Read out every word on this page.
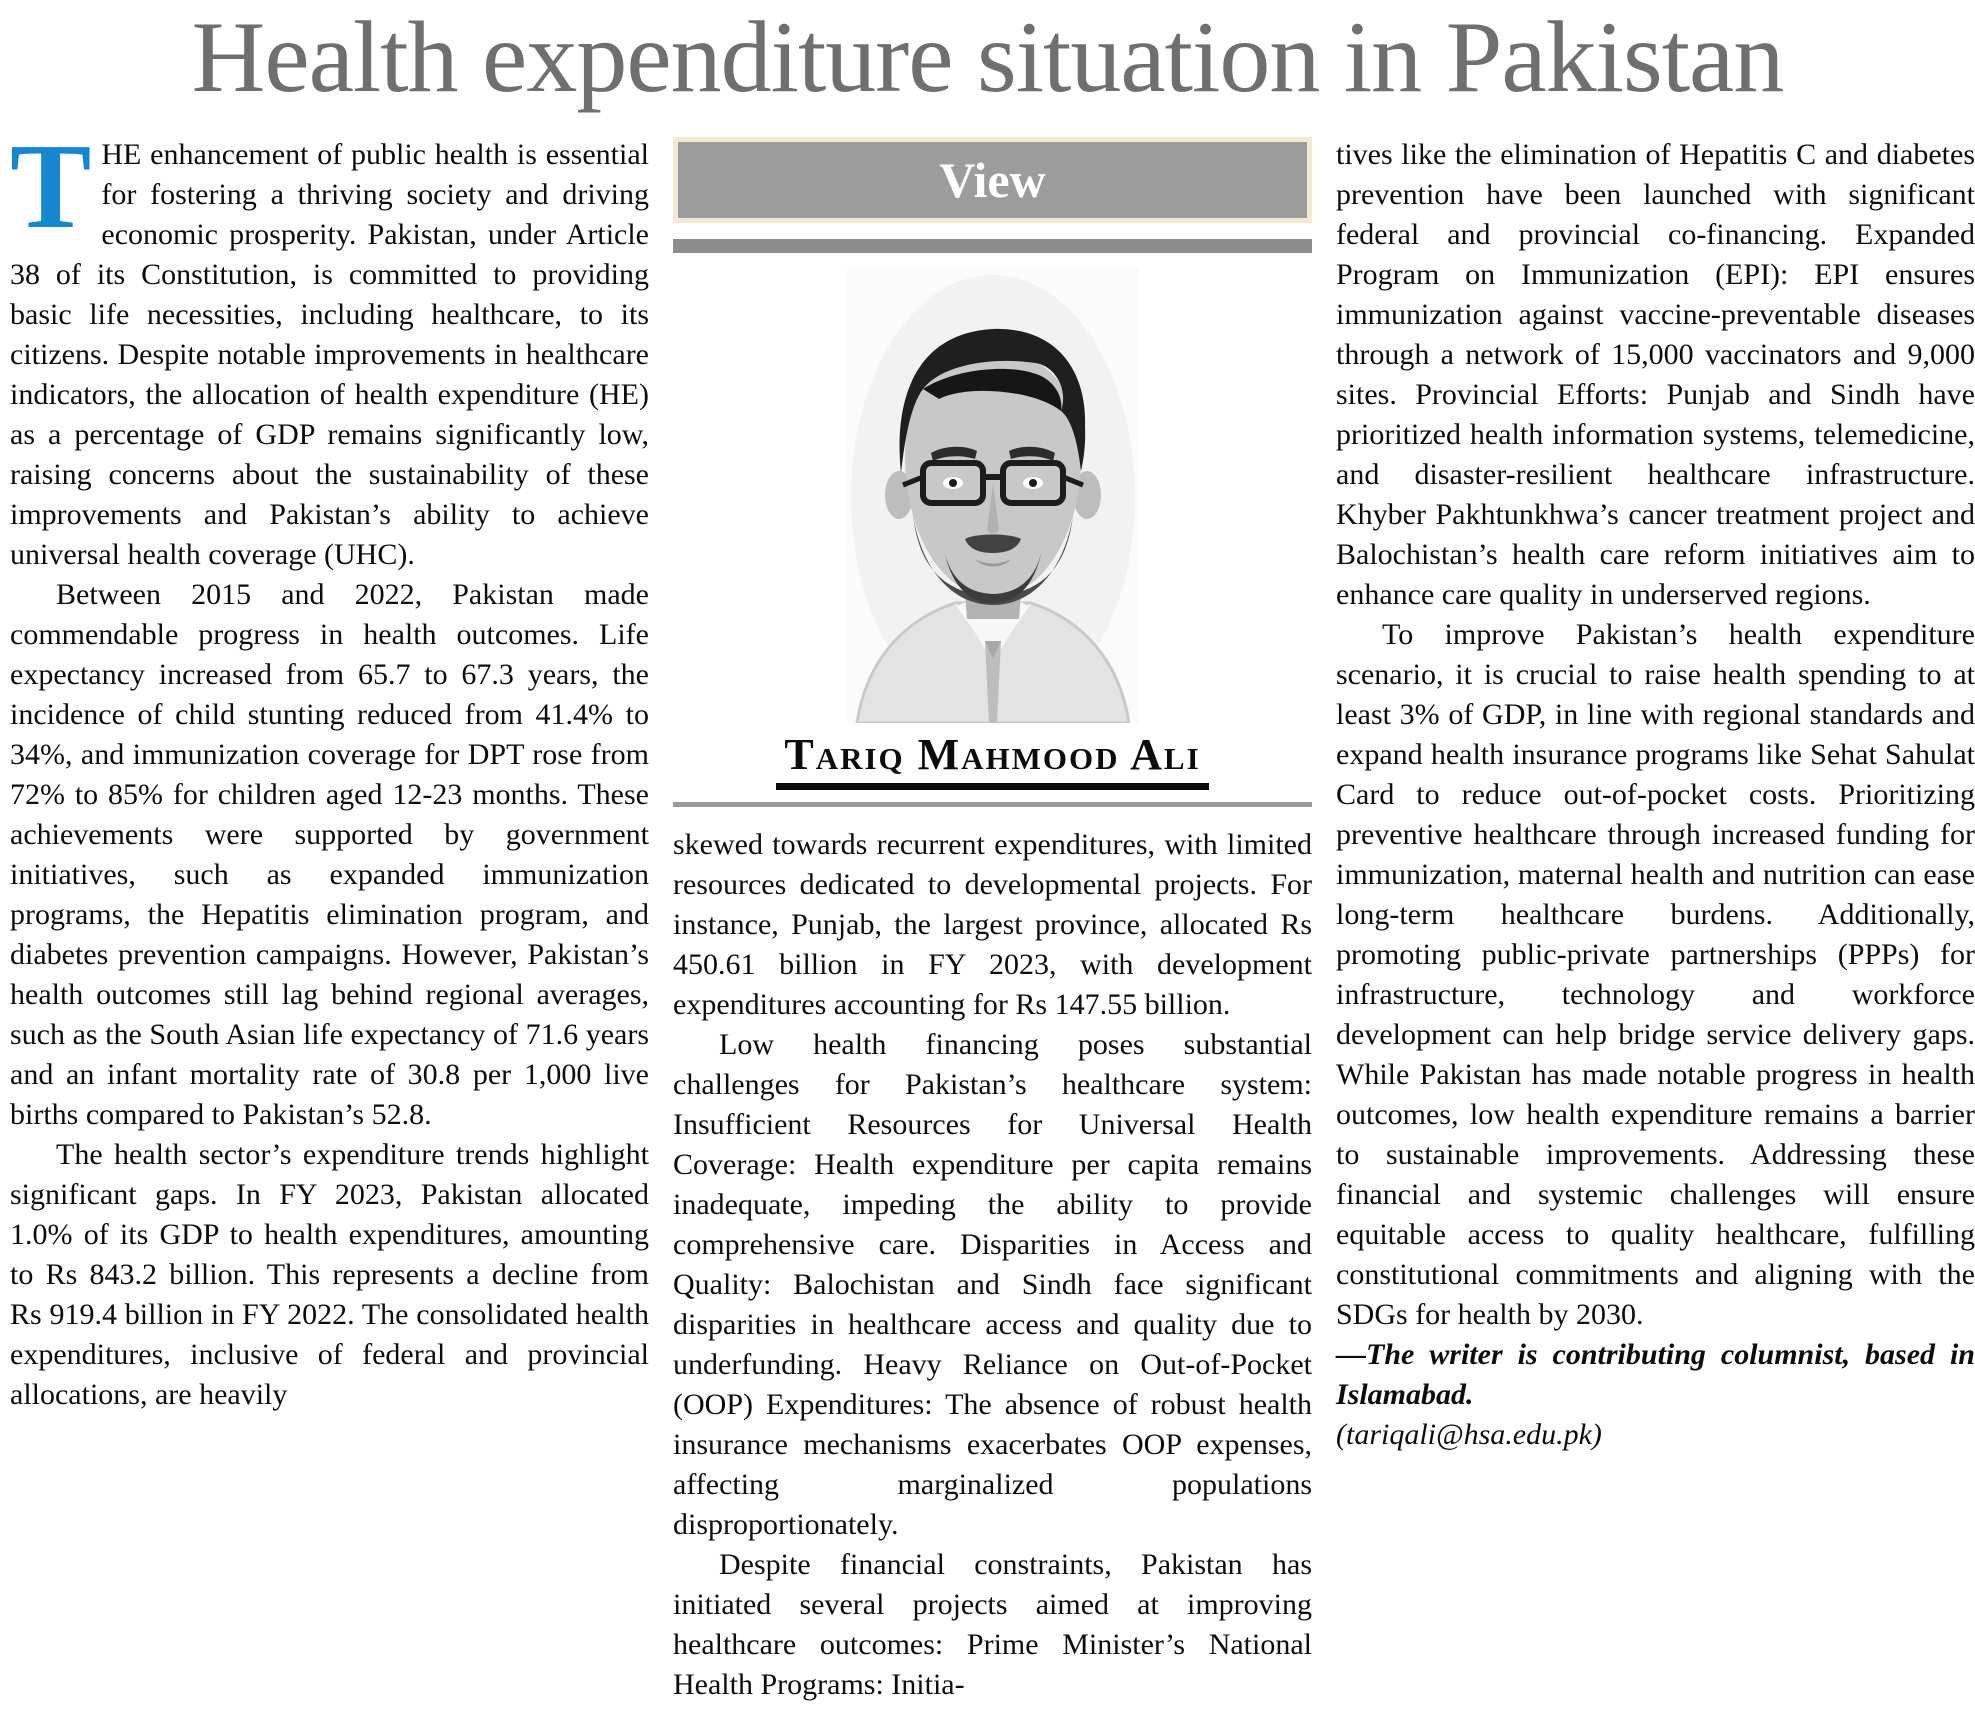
Health expenditure situation in Pakistan

THE enhancement of public health is essential for fostering a thriving society and driving economic prosperity. Pakistan, under Article 38 of its Constitution, is committed to providing basic life necessities, including healthcare, to its citizens. Despite notable improvements in healthcare indicators, the allocation of health expenditure (HE) as a percentage of GDP remains significantly low, raising concerns about the sustainability of these improvements and Pakistan’s ability to achieve universal health coverage (UHC).

Between 2015 and 2022, Pakistan made commendable progress in health outcomes. Life expectancy increased from 65.7 to 67.3 years, the incidence of child stunting reduced from 41.4% to 34%, and immunization coverage for DPT rose from 72% to 85% for children aged 12-23 months. These achievements were supported by government initiatives, such as expanded immunization programs, the Hepatitis elimination program, and diabetes prevention campaigns. However, Pakistan’s health outcomes still lag behind regional averages, such as the South Asian life expectancy of 71.6 years and an infant mortality rate of 30.8 per 1,000 live births compared to Pakistan’s 52.8.

The health sector’s expenditure trends highlight significant gaps. In FY 2023, Pakistan allocated 1.0% of its GDP to health expenditures, amounting to Rs 843.2 billion. This represents a decline from Rs 919.4 billion in FY 2022. The consolidated health expenditures, inclusive of federal and provincial allocations, are heavily

View
Tariq Mahmood Ali

skewed towards recurrent expenditures, with limited resources dedicated to developmental projects. For instance, Punjab, the largest province, allocated Rs 450.61 billion in FY 2023, with development expenditures accounting for Rs 147.55 billion.

Low health financing poses substantial challenges for Pakistan’s healthcare system: Insufficient Resources for Universal Health Coverage: Health expenditure per capita remains inadequate, impeding the ability to provide comprehensive care. Disparities in Access and Quality: Balochistan and Sindh face significant disparities in healthcare access and quality due to underfunding. Heavy Reliance on Out-of-Pocket (OOP) Expenditures: The absence of robust health insurance mechanisms exacerbates OOP expenses, affecting marginalized populations disproportionately.

Despite financial constraints, Pakistan has initiated several projects aimed at improving healthcare outcomes: Prime Minister’s National Health Programs: Initia-

tives like the elimination of Hepatitis C and diabetes prevention have been launched with significant federal and provincial co-financing. Expanded Program on Immunization (EPI): EPI ensures immunization against vaccine-preventable diseases through a network of 15,000 vaccinators and 9,000 sites. Provincial Efforts: Punjab and Sindh have prioritized health information systems, telemedicine, and disaster-resilient healthcare infrastructure. Khyber Pakhtunkhwa’s cancer treatment project and Balochistan’s health care reform initiatives aim to enhance care quality in underserved regions.

To improve Pakistan’s health expenditure scenario, it is crucial to raise health spending to at least 3% of GDP, in line with regional standards and expand health insurance programs like Sehat Sahulat Card to reduce out-of-pocket costs. Prioritizing preventive healthcare through increased funding for immunization, maternal health and nutrition can ease long-term healthcare burdens. Additionally, promoting public-private partnerships (PPPs) for infrastructure, technology and workforce development can help bridge service delivery gaps. While Pakistan has made notable progress in health outcomes, low health expenditure remains a barrier to sustainable improvements. Addressing these financial and systemic challenges will ensure equitable access to quality healthcare, fulfilling constitutional commitments and aligning with the SDGs for health by 2030.

—The writer is contributing columnist, based in Islamabad.

(tariqali@hsa.edu.pk)
